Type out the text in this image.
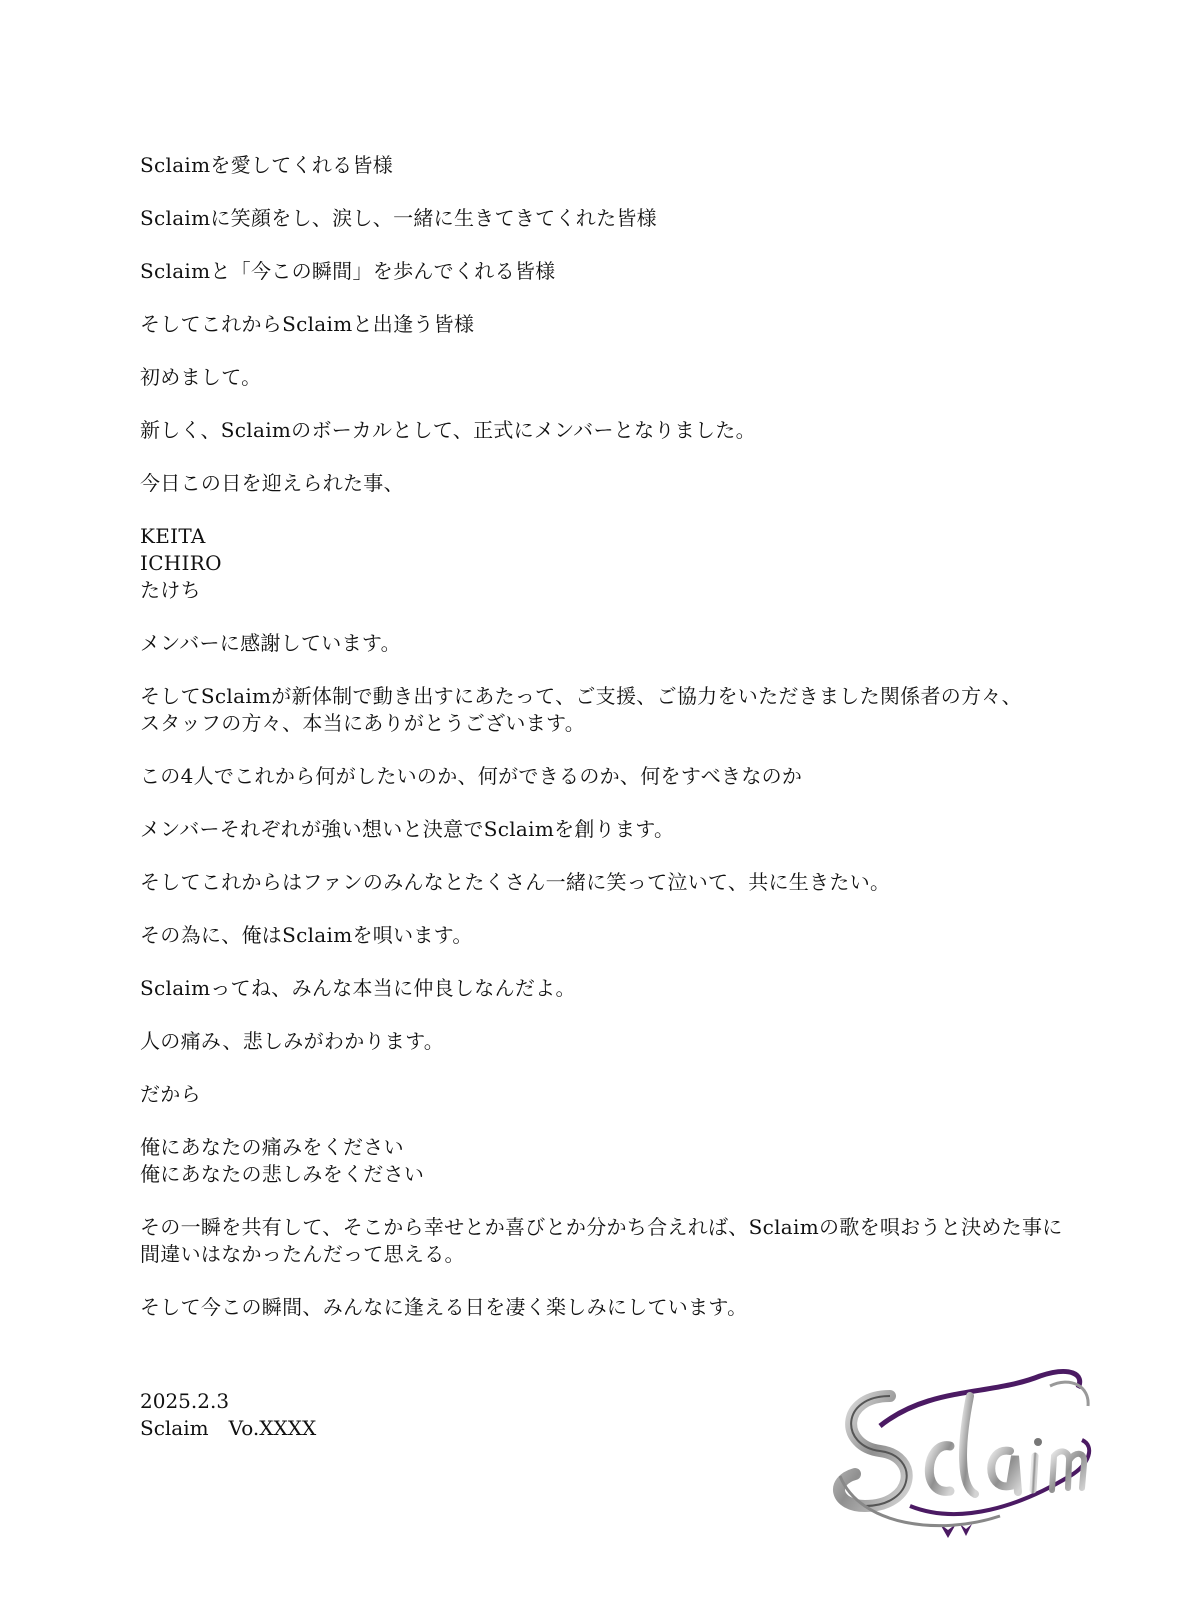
Sclaimを愛してくれる皆様

Sclaimに笑顔をし、涙し、一緒に生きてきてくれた皆様

Sclaimと「今この瞬間」を歩んでくれる皆様

そしてこれからSclaimと出逢う皆様

初めまして。

新しく、Sclaimのボーカルとして、正式にメンバーとなりました。

今日この日を迎えられた事、

KEITA
ICHIRO
たけち

メンバーに感謝しています。

そしてSclaimが新体制で動き出すにあたって、ご支援、ご協力をいただきました関係者の方々、
スタッフの方々、本当にありがとうございます。

この4人でこれから何がしたいのか、何ができるのか、何をすべきなのか

メンバーそれぞれが強い想いと決意でSclaimを創ります。

そしてこれからはファンのみんなとたくさん一緒に笑って泣いて、共に生きたい。

その為に、俺はSclaimを唄います。

Sclaimってね、みんな本当に仲良しなんだよ。

人の痛み、悲しみがわかります。

だから

俺にあなたの痛みをください
俺にあなたの悲しみをください

その一瞬を共有して、そこから幸せとか喜びとか分かち合えれば、Sclaimの歌を唄おうと決めた事に
間違いはなかったんだって思える。

そして今この瞬間、みんなに逢える日を凄く楽しみにしています。

2025.2.3
Sclaim　Vo.XXXX
